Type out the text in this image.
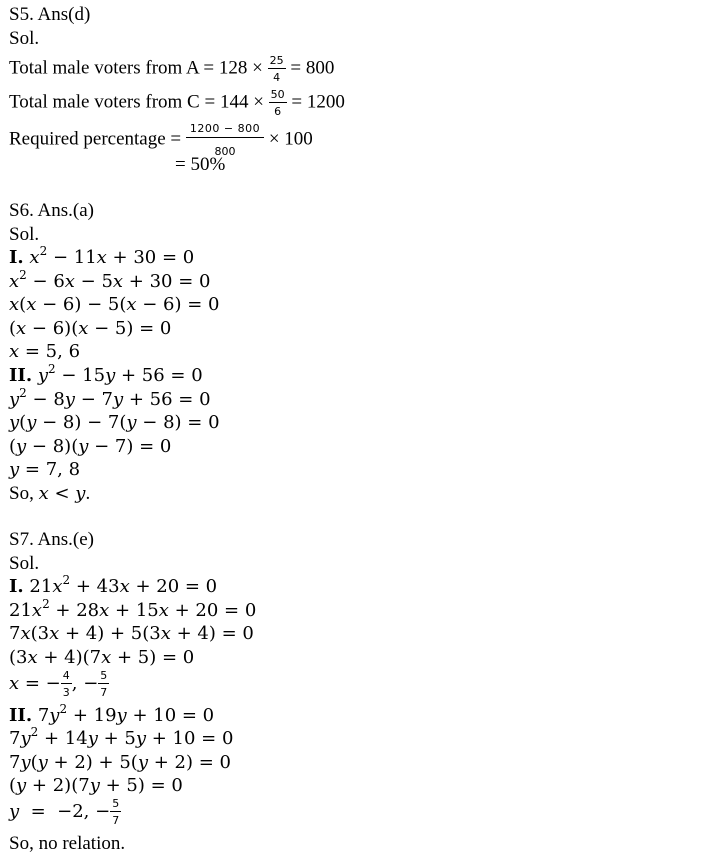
S5. Ans(d)
Sol.
Total male voters from $A = 128 \times \frac{25}{4} = 800$
Total male voters from $C = 144 \times \frac{50}{6} = 1200$
Required percentage = $\frac{1200 - 800}{800} \times 100$
= 50%
S6. Ans.(a)
Sol.
I. $x^2 - 11x + 30 = 0$
$x^2 - 6x - 5x + 30 = 0$
x(x − 6) − 5(x − 6) = 0
(x − 6)(x − 5) = 0
x = 5, 6
II. $y^2 - 15y + 56 = 0$
$y^2 - 8y - 7y + 56 = 0$
y(y − 8) − 7(y − 8) = 0
(y − 8)(y − 7) = 0
y = 7, 8
So, x < y.
S7. Ans.(e)
Sol.
I. $21x^2 + 43x + 20 = 0$
$21x^2 + 28x + 15x + 20 = 0$
7x(3x + 4) + 5(3x + 4) = 0
(3x + 4)(7x + 5) = 0
x = − $\frac{4}{3}$ , − $\frac{5}{7}$
II. $7y^2 + 19y + 10 = 0$
$7y^2 + 14y + 5y + 10 = 0$
7y(y + 2) + 5(y + 2) = 0
(y + 2)(7y + 5) = 0
y  =  −2, − $\frac{5}{7}$
So, no relation.
